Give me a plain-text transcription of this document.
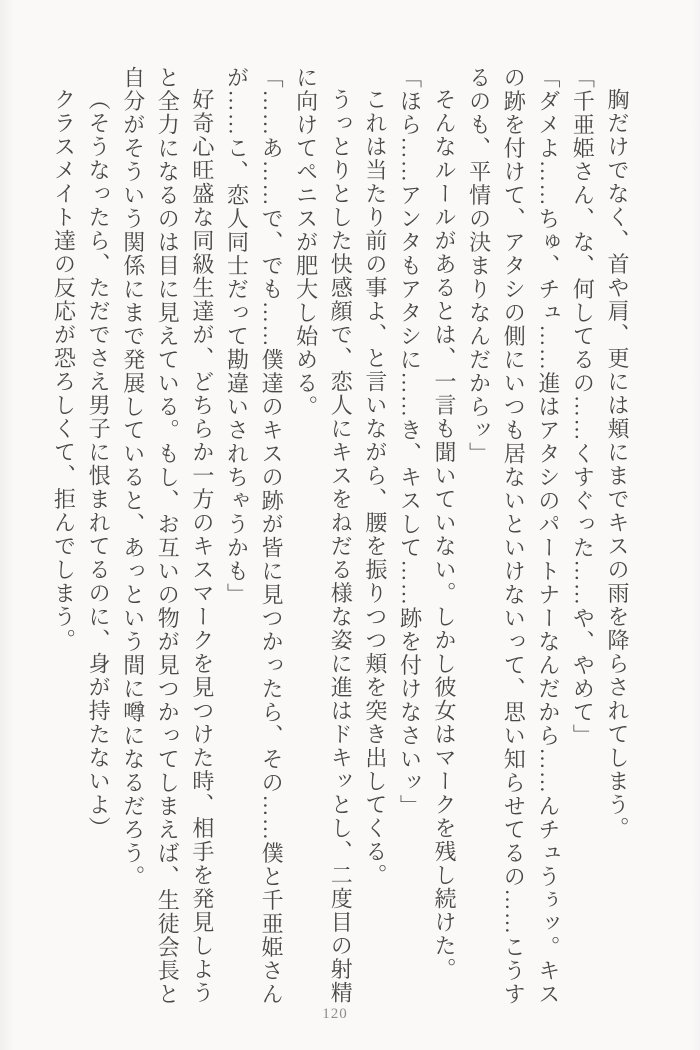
胸だけでなく、首や肩、更には頬にまでキスの雨を降らされてしまう。

「千亜姫さん、な、何してるの……くすぐった……や、やめて」

「ダメよ……ちゅ、チュ……進はアタシのパートナーなんだから……んチュうぅッ。キス

の跡を付けて、アタシの側にいつも居ないといけないって、思い知らせてるの……こうす

るのも、平情の決まりなんだからッ」

そんなルールがあるとは、一言も聞いていない。しかし彼女はマークを残し続けた。

「ほら……アンタもアタシに……き、キスして……跡を付けなさいッ」

これは当たり前の事よ、と言いながら、腰を振りつつ頬を突き出してくる。

うっとりとした快感顔で、恋人にキスをねだる様な姿に進はドキッとし、二度目の射精

に向けてペニスが肥大し始める。

「……あ……で、でも……僕達のキスの跡が皆に見つかったら、その……僕と千亜姫さん

が……こ、恋人同士だって勘違いされちゃうかも」

好奇心旺盛な同級生達が、どちらか一方のキスマークを見つけた時、相手を発見しよう

と全力になるのは目に見えている。もし、お互いの物が見つかってしまえば、生徒会長と

自分がそういう関係にまで発展していると、あっという間に噂になるだろう。

（そうなったら、ただでさえ男子に恨まれてるのに、身が持たないよ）

クラスメイト達の反応が恐ろしくて、拒んでしまう。

120
